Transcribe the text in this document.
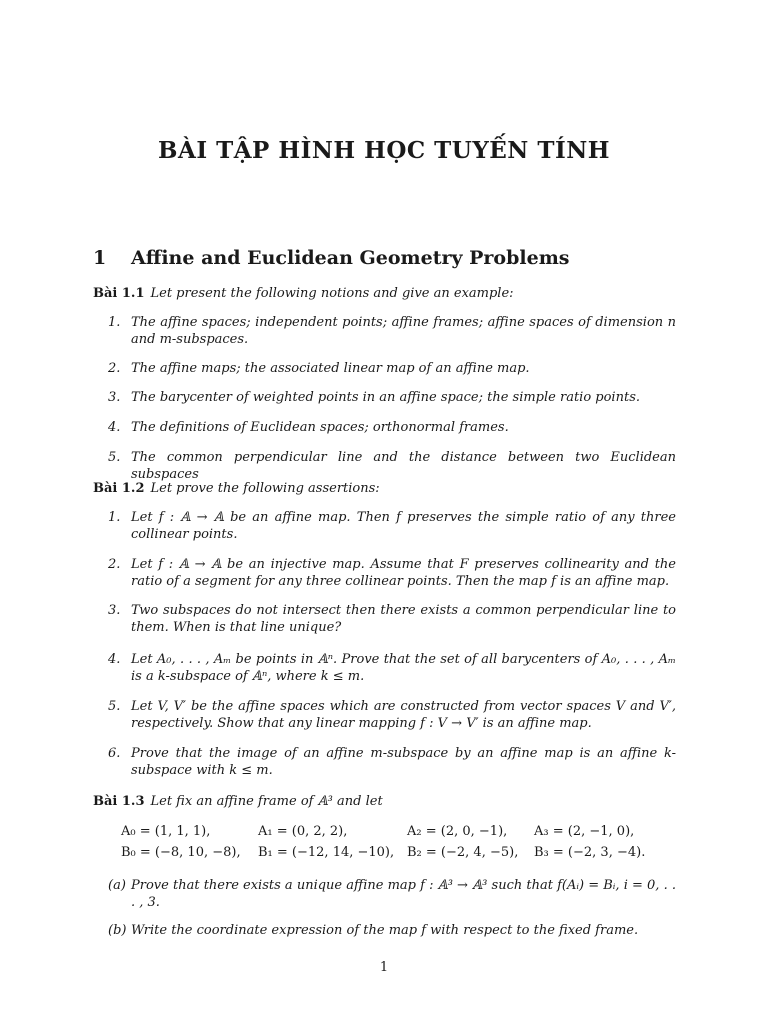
BÀI TẬP HÌNH HỌC TUYẾN TÍNH
1 Affine and Euclidean Geometry Problems
Bài 1.1 Let present the following notions and give an example:
1. The affine spaces; independent points; affine frames; affine spaces of dimension n and m-subspaces.
2. The affine maps; the associated linear map of an affine map.
3. The barycenter of weighted points in an affine space; the simple ratio points.
4. The definitions of Euclidean spaces; orthonormal frames.
5. The common perpendicular line and the distance between two Euclidean subspaces
Bài 1.2 Let prove the following assertions:
1. Let f : 𝔸 → 𝔸 be an affine map. Then f preserves the simple ratio of any three collinear points.
2. Let f : 𝔸 → 𝔸 be an injective map. Assume that F preserves collinearity and the ratio of a segment for any three collinear points. Then the map f is an affine map.
3. Two subspaces do not intersect then there exists a common perpendicular line to them. When is that line unique?
4. Let A₀, . . . , Aₘ be points in 𝔸ⁿ. Prove that the set of all barycenters of A₀, . . . , Aₘ is a k-subspace of 𝔸ⁿ, where k ≤ m.
5. Let V, V′ be the affine spaces which are constructed from vector spaces V and V′, respectively. Show that any linear mapping f : V → V′ is an affine map.
6. Prove that the image of an affine m-subspace by an affine map is an affine k-subspace with k ≤ m.
Bài 1.3 Let fix an affine frame of 𝔸³ and let
A₀ = (1, 1, 1),	A₁ = (0, 2, 2),	A₂ = (2, 0, −1), A₃ = (2, −1, 0),
B₀ = (−8, 10, −8), B₁ = (−12, 14, −10), B₂ = (−2, 4, −5), B₃ = (−2, 3, −4).
(a) Prove that there exists a unique affine map f : 𝔸³ → 𝔸³ such that f(Aᵢ) = Bᵢ, i = 0, . . . , 3.
(b) Write the coordinate expression of the map f with respect to the fixed frame.
1
